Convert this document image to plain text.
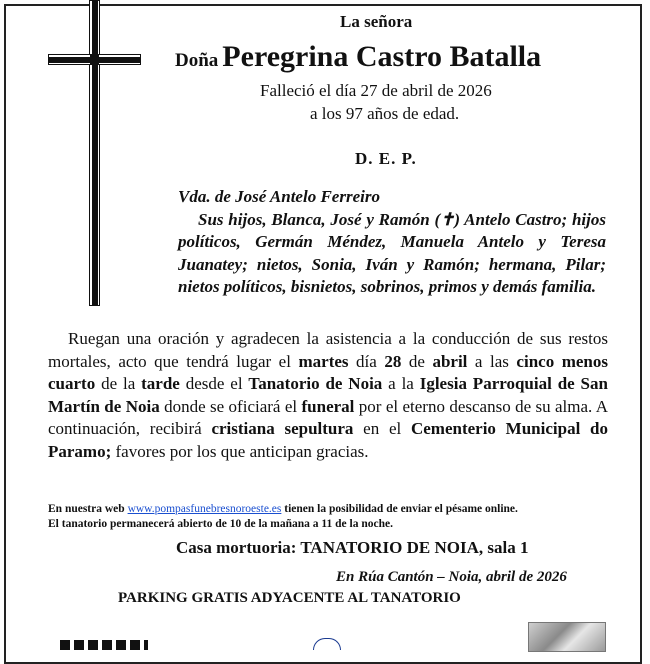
La señora
Doña Peregrina Castro Batalla
Falleció el día 27 de abril de 2026
a los 97 años de edad.
D. E. P.
Vda. de José Antelo Ferreiro
Sus hijos, Blanca, José y Ramón (✝) Antelo Castro; hijos políticos, Germán Méndez, Manuela Antelo y Teresa Juanatey; nietos, Sonia, Iván y Ramón; hermana, Pilar; nietos políticos, bisnietos, sobrinos, primos y demás familia.

Ruegan una oración y agradecen la asistencia a la conducción de sus restos mortales, acto que tendrá lugar el martes día 28 de abril a las cinco menos cuarto de la tarde desde el Tanatorio de Noia a la Iglesia Parroquial de San Martín de Noia donde se oficiará el funeral por el eterno descanso de su alma. A continuación, recibirá cristiana sepultura en el Cementerio Municipal do Paramo; favores por los que anticipan gracias.

En nuestra web www.pompasfunebresnoroeste.es tienen la posibilidad de enviar el pésame online.
El tanatorio permanecerá abierto de 10 de la mañana a 11 de la noche.
Casa mortuoria: TANATORIO DE NOIA, sala 1
En Rúa Cantón – Noia, abril de 2026
PARKING GRATIS ADYACENTE AL TANATORIO
